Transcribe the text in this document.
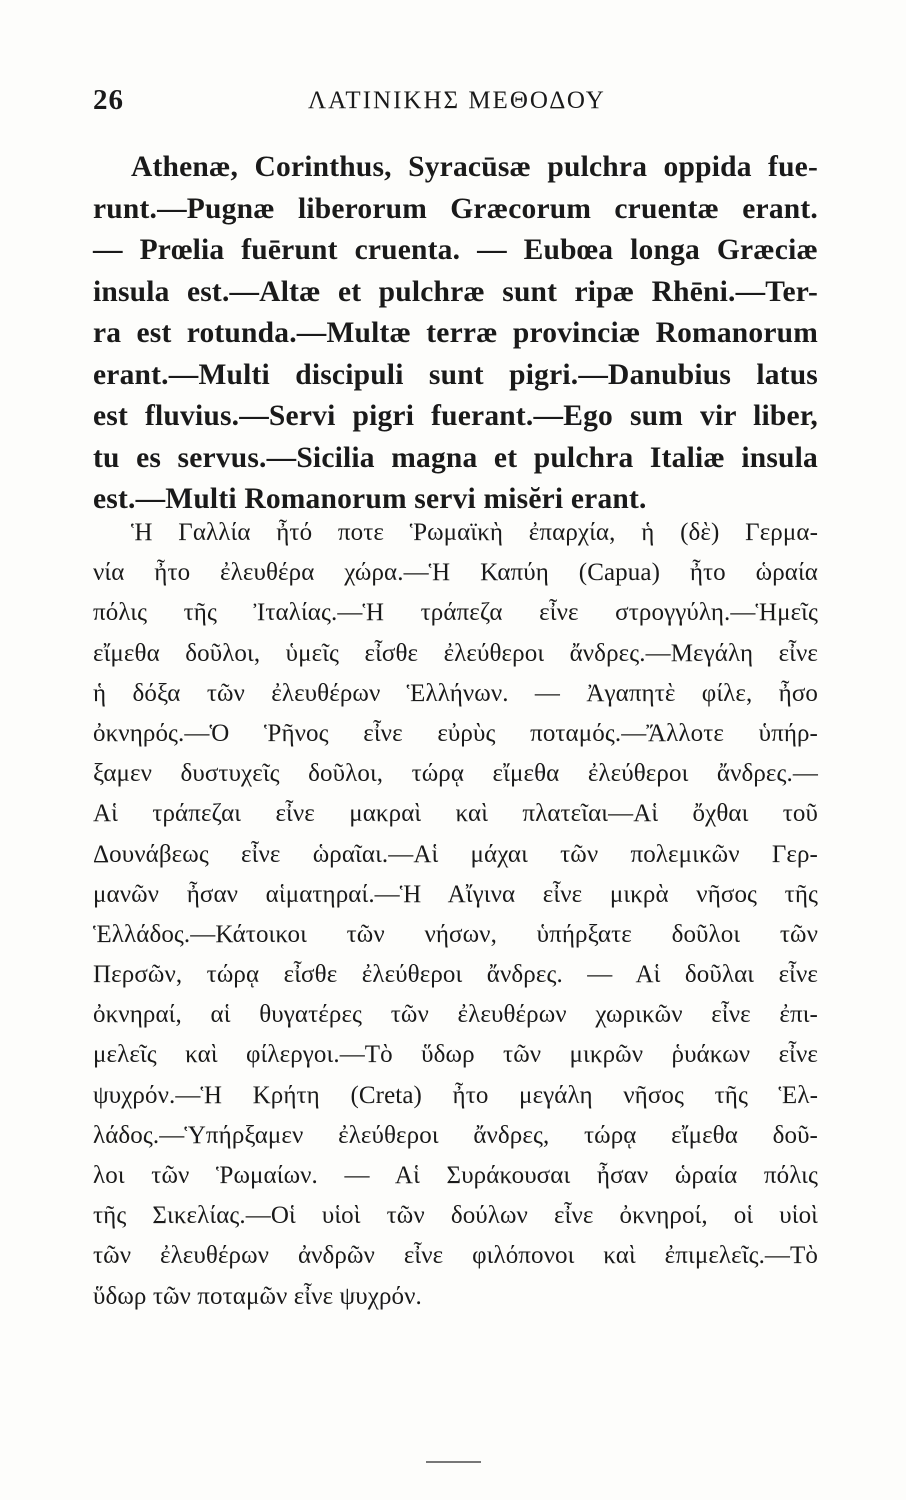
26	ΛΑΤΙΝΙΚΗΣ ΜΕΘΟΔΟΥ
Athenæ, Corinthus, Syracūsæ pulchra oppida fue-
runt.—Pugnæ liberorum Græcorum cruentæ erant.
— Prœlia fuērunt cruenta. — Eubœa longa Græciæ
insula est.—Altæ et pulchræ sunt ripæ Rhēni.—Ter-
ra est rotunda.—Multæ terræ provinciæ Romanorum
erant.—Multi discipuli sunt pigri.—Danubius latus
est fluvius.—Servi pigri fuerant.—Ego sum vir liber,
tu es servus.—Sicilia magna et pulchra Italiæ insula
est.—Multi Romanorum servi misĕri erant.
Ἡ Γαλλία ἦτό ποτε Ῥωμαϊκὴ ἐπαρχία, ἡ (δὲ) Γερμα-
νία ἦτο ἐλευθέρα χώρα.—Ἡ Καπύη (Capua) ἦτο ὡραία
πόλις τῆς Ἰταλίας.—Ἡ τράπεζα εἶνε στρογγύλη.—Ἡμεῖς
εἴμεθα δοῦλοι, ὑμεῖς εἶσθε ἐλεύθεροι ἄνδρες.—Μεγάλη εἶνε
ἡ δόξα τῶν ἐλευθέρων Ἑλλήνων. — Ἀγαπητὲ φίλε, ἦσο
ὀκνηρός.—Ὁ Ῥῆνος εἶνε εὐρὺς ποταμός.—Ἄλλοτε ὑπήρ-
ξαμεν δυστυχεῖς δοῦλοι, τώρᾳ εἴμεθα ἐλεύθεροι ἄνδρες.—
Αἱ τράπεζαι εἶνε μακραὶ καὶ πλατεῖαι—Αἱ ὄχθαι τοῦ
Δουνάβεως εἶνε ὡραῖαι.—Αἱ μάχαι τῶν πολεμικῶν Γερ-
μανῶν ἦσαν αἱματηραί.—Ἡ Αἴγινα εἶνε μικρὰ νῆσος τῆς
Ἑλλάδος.—Κάτοικοι τῶν νήσων, ὑπήρξατε δοῦλοι τῶν
Περσῶν, τώρᾳ εἶσθε ἐλεύθεροι ἄνδρες. — Αἱ δοῦλαι εἶνε
ὀκνηραί, αἱ θυγατέρες τῶν ἐλευθέρων χωρικῶν εἶνε ἐπι-
μελεῖς καὶ φίλεργοι.—Τὸ ὕδωρ τῶν μικρῶν ῥυάκων εἶνε
ψυχρόν.—Ἡ Κρήτη (Creta) ἦτο μεγάλη νῆσος τῆς Ἑλ-
λάδος.—Ὑπήρξαμεν ἐλεύθεροι ἄνδρες, τώρᾳ εἴμεθα δοῦ-
λοι τῶν Ῥωμαίων. — Αἱ Συράκουσαι ἦσαν ὡραία πόλις
τῆς Σικελίας.—Οἱ υἱοὶ τῶν δούλων εἶνε ὀκνηροί, οἱ υἱοὶ
τῶν ἐλευθέρων ἀνδρῶν εἶνε φιλόπονοι καὶ ἐπιμελεῖς.—Τὸ
ὕδωρ τῶν ποταμῶν εἶνε ψυχρόν.
